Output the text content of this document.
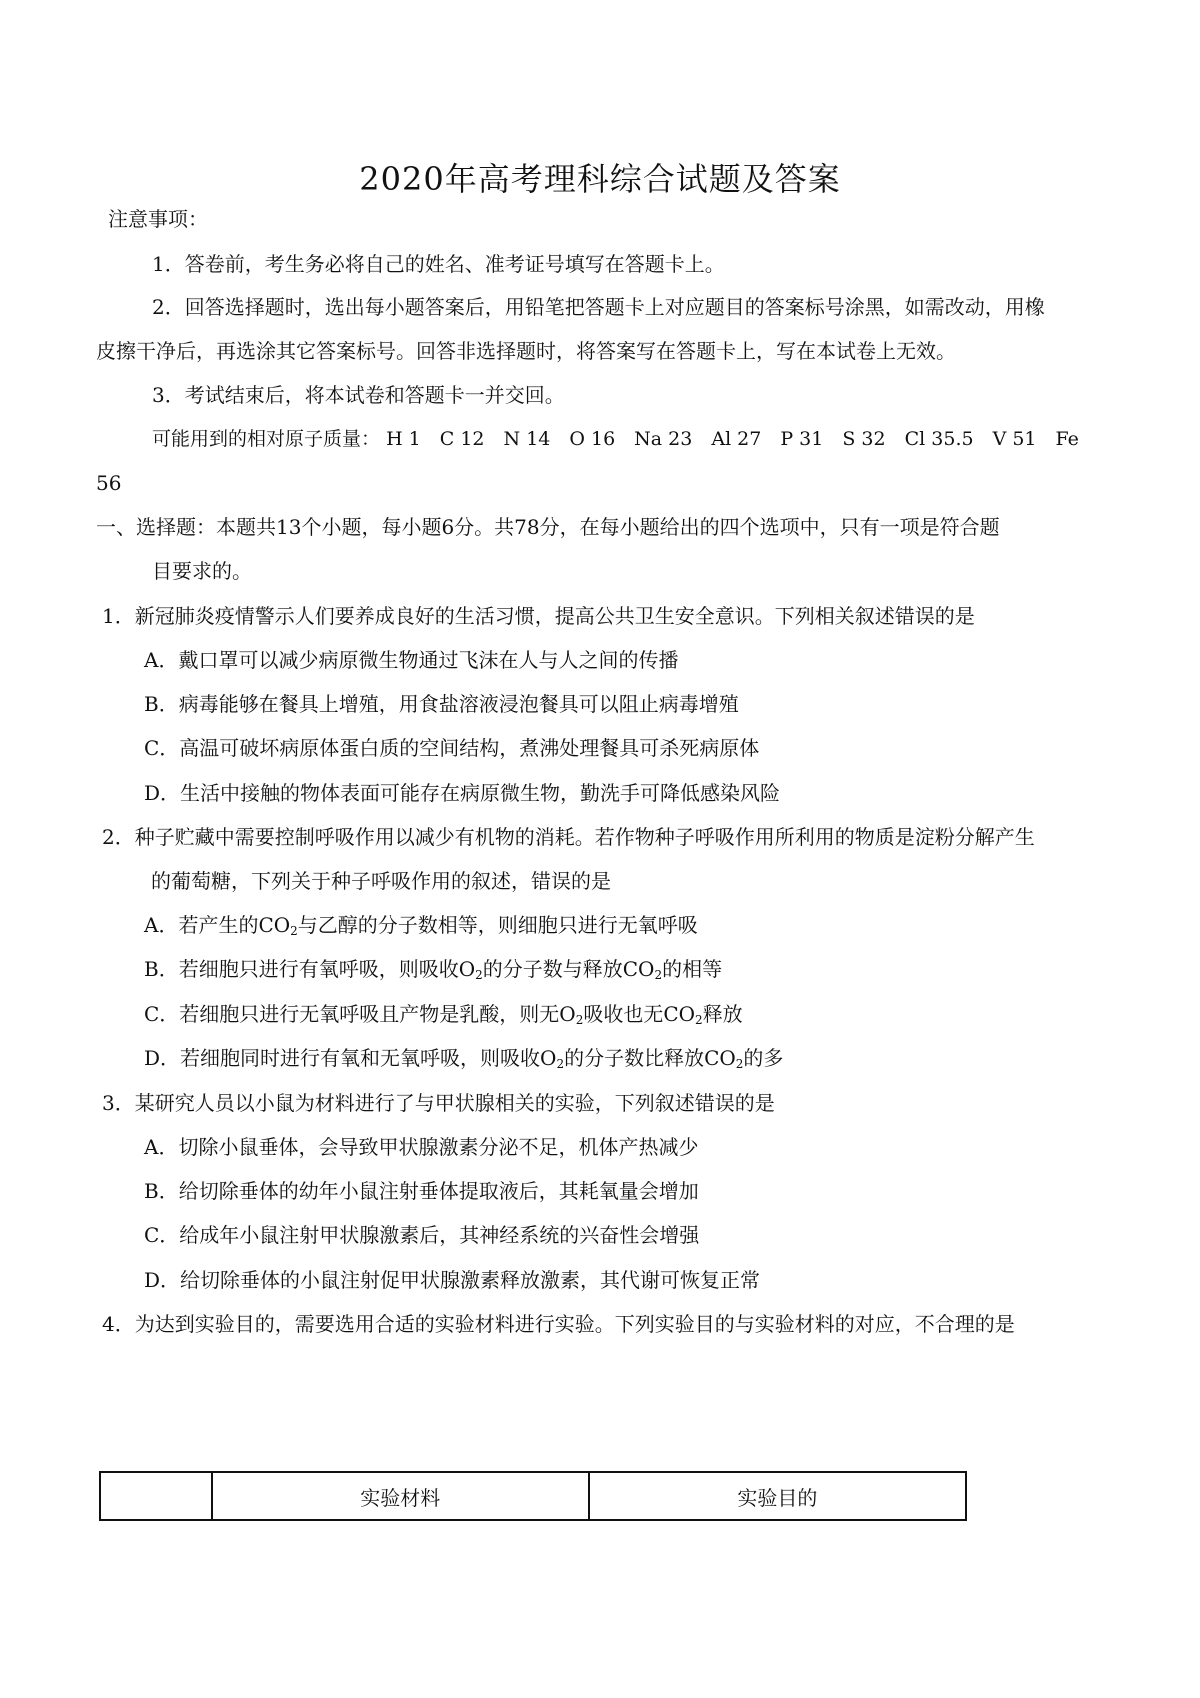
2020年高考理科综合试题及答案
注意事项：
1．答卷前，考生务必将自己的姓名、准考证号填写在答题卡上。
2．回答选择题时，选出每小题答案后，用铅笔把答题卡上对应题目的答案标号涂黑，如需改动，用橡
皮擦干净后，再选涂其它答案标号。回答非选择题时，将答案写在答题卡上，写在本试卷上无效。
3．考试结束后，将本试卷和答题卡一并交回。
可能用到的相对原子质量： H 1 C 12 N 14 O 16 Na 23 Al 27 P 31 S 32 Cl 35.5 V 51 Fe
56
一、选择题：本题共13个小题，每小题6分。共78分，在每小题给出的四个选项中，只有一项是符合题
目要求的。
1．新冠肺炎疫情警示人们要养成良好的生活习惯，提高公共卫生安全意识。下列相关叙述错误的是
A．戴口罩可以减少病原微生物通过飞沫在人与人之间的传播
B．病毒能够在餐具上增殖，用食盐溶液浸泡餐具可以阻止病毒增殖
C．高温可破坏病原体蛋白质的空间结构，煮沸处理餐具可杀死病原体
D．生活中接触的物体表面可能存在病原微生物，勤洗手可降低感染风险
2．种子贮藏中需要控制呼吸作用以减少有机物的消耗。若作物种子呼吸作用所利用的物质是淀粉分解产生
的葡萄糖，下列关于种子呼吸作用的叙述，错误的是
A．若产生的$CO_2$与乙醇的分子数相等，则细胞只进行无氧呼吸
B．若细胞只进行有氧呼吸，则吸收$O_2$的分子数与释放$CO_2$的相等
C．若细胞只进行无氧呼吸且产物是乳酸，则无$O_2$吸收也无$CO_2$释放
D．若细胞同时进行有氧和无氧呼吸，则吸收$O_2$的分子数比释放$CO_2$的多
3．某研究人员以小鼠为材料进行了与甲状腺相关的实验，下列叙述错误的是
A．切除小鼠垂体，会导致甲状腺激素分泌不足，机体产热减少
B．给切除垂体的幼年小鼠注射垂体提取液后，其耗氧量会增加
C．给成年小鼠注射甲状腺激素后，其神经系统的兴奋性会增强
D．给切除垂体的小鼠注射促甲状腺激素释放激素，其代谢可恢复正常
4．为达到实验目的，需要选用合适的实验材料进行实验。下列实验目的与实验材料的对应，不合理的是
	实验材料	实验目的
